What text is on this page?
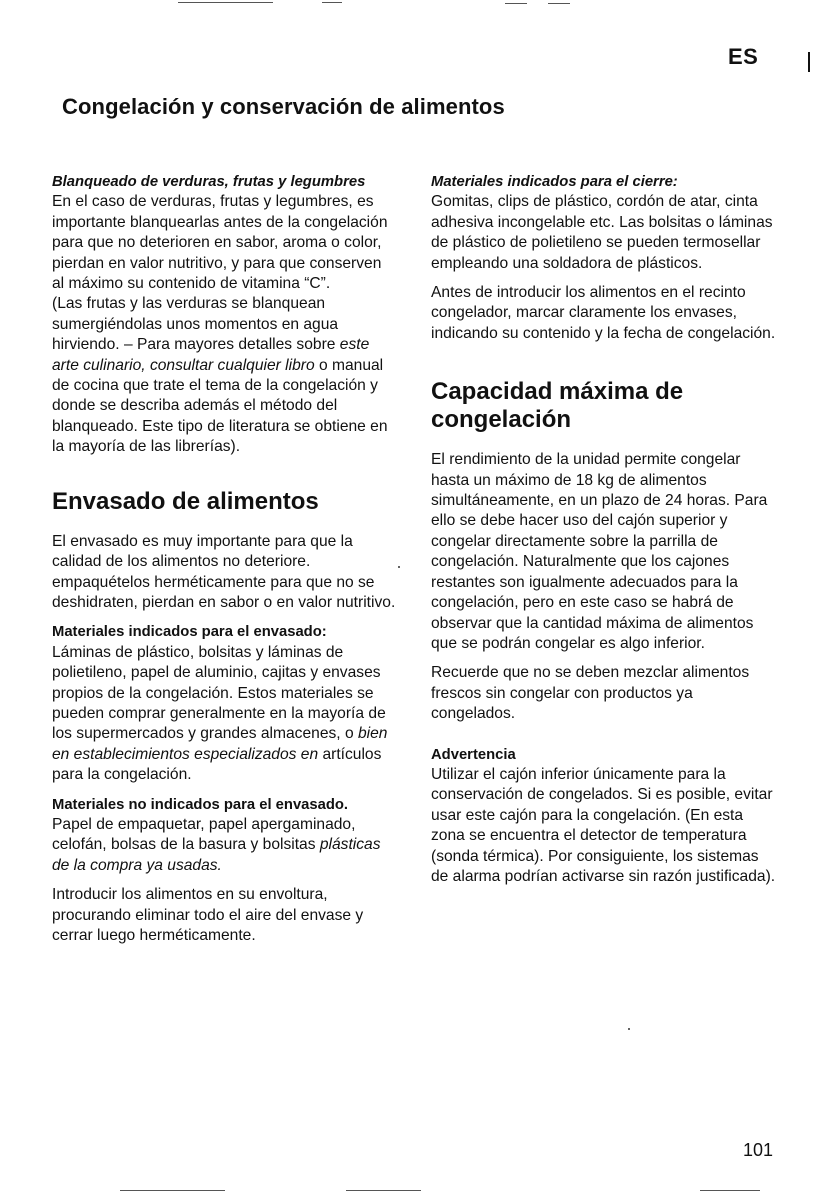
ES
Congelación y conservación de alimentos
Blanqueado de verduras, frutas y legumbres

En el caso de verduras, frutas y legumbres, es importante blanquearlas antes de la congelación para que no deterioren en sabor, aroma o color, pierdan en valor nutritivo, y para que conserven al máximo su contenido de vitamina “C”.

(Las frutas y las verduras se blanquean sumergiéndolas unos momentos en agua hirviendo. – Para mayores detalles sobre este arte culinario, consultar cualquier libro o manual de cocina que trate el tema de la congelación y donde se describa además el método del blanqueado. Este tipo de literatura se obtiene en la mayoría de las librerías).

Envasado de alimentos

El envasado es muy importante para que la calidad de los alimentos no deteriore. empaquételos herméticamente para que no se deshidraten, pierdan en sabor o en valor nutritivo.

Materiales indicados para el envasado:

Láminas de plástico, bolsitas y láminas de polietileno, papel de aluminio, cajitas y envases propios de la congelación. Estos materiales se pueden comprar generalmente en la mayoría de los supermercados y grandes almacenes, o bien en establecimientos especializados en artículos para la congelación.

Materiales no indicados para el envasado.

Papel de empaquetar, papel apergaminado, celofán, bolsas de la basura y bolsitas plásticas de la compra ya usadas.

Introducir los alimentos en su envoltura, procurando eliminar todo el aire del envase y cerrar luego herméticamente.

Materiales indicados para el cierre:

Gomitas, clips de plástico, cordón de atar, cinta adhesiva incongelable etc. Las bolsitas o láminas de plástico de polietileno se pueden termosellar empleando una soldadora de plásticos.

Antes de introducir los alimentos en el recinto congelador, marcar claramente los envases, indicando su contenido y la fecha de congelación.

Capacidad máxima de congelación

El rendimiento de la unidad permite congelar hasta un máximo de 18 kg de alimentos simultáneamente, en un plazo de 24 horas. Para ello se debe hacer uso del cajón superior y congelar directamente sobre la parrilla de congelación. Naturalmente que los cajones restantes son igualmente adecuados para la congelación, pero en este caso se habrá de observar que la cantidad máxima de alimentos que se podrán congelar es algo inferior.

Recuerde que no se deben mezclar alimentos frescos sin congelar con productos ya congelados.

Advertencia

Utilizar el cajón inferior únicamente para la conservación de congelados. Si es posible, evitar usar este cajón para la congelación. (En esta zona se encuentra el detector de temperatura (sonda térmica). Por consiguiente, los sistemas de alarma podrían activarse sin razón justificada).

101
